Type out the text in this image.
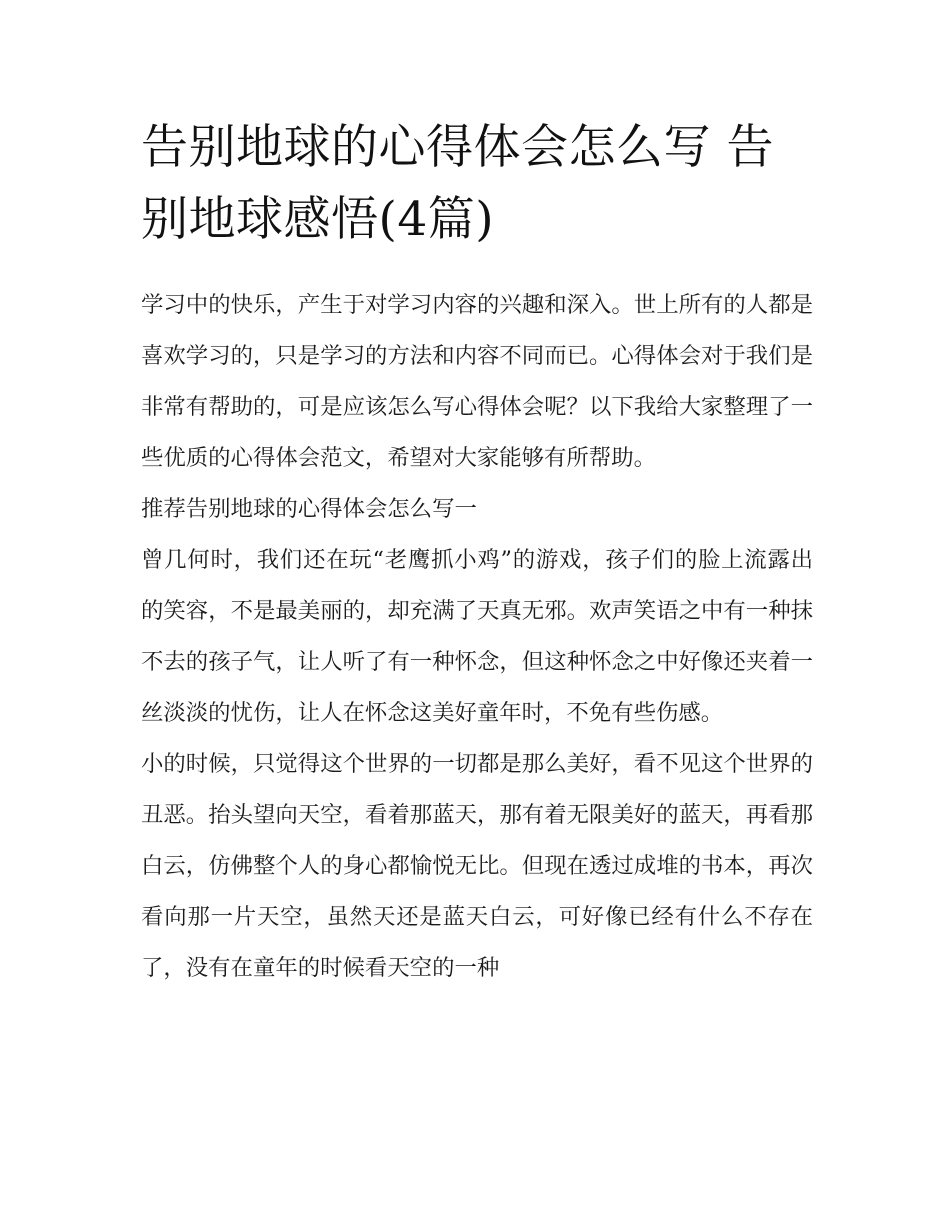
告别地球的心得体会怎么写 告别地球感悟(4篇)

学习中的快乐，产生于对学习内容的兴趣和深入。世上所有的人都是喜欢学习的，只是学习的方法和内容不同而已。心得体会对于我们是非常有帮助的，可是应该怎么写心得体会呢？以下我给大家整理了一些优质的心得体会范文，希望对大家能够有所帮助。

推荐告别地球的心得体会怎么写一

曾几何时，我们还在玩“老鹰抓小鸡”的游戏，孩子们的脸上流露出的笑容，不是最美丽的，却充满了天真无邪。欢声笑语之中有一种抹不去的孩子气，让人听了有一种怀念，但这种怀念之中好像还夹着一丝淡淡的忧伤，让人在怀念这美好童年时，不免有些伤感。

小的时候，只觉得这个世界的一切都是那么美好，看不见这个世界的丑恶。抬头望向天空，看着那蓝天，那有着无限美好的蓝天，再看那白云，仿佛整个人的身心都愉悦无比。但现在透过成堆的书本，再次看向那一片天空，虽然天还是蓝天白云，可好像已经有什么不存在了，没有在童年的时候看天空的一种
